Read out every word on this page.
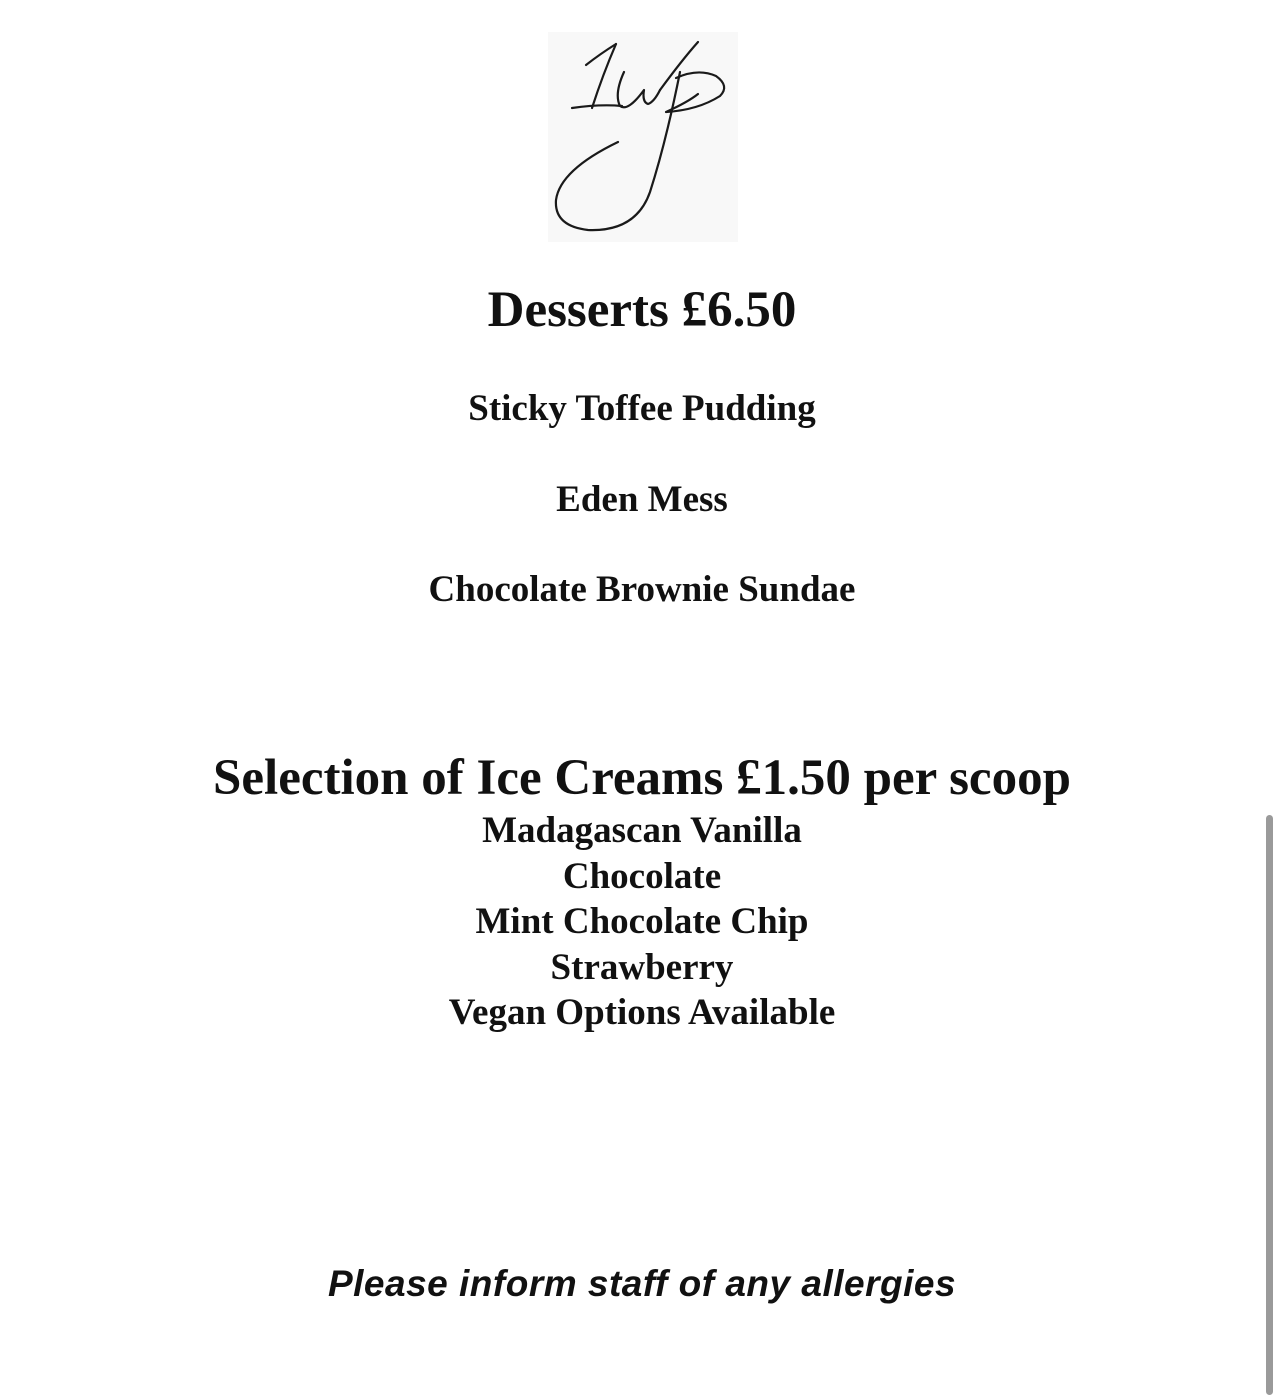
Desserts £6.50
Sticky Toffee Pudding
Eden Mess
Chocolate Brownie Sundae
Selection of Ice Creams £1.50 per scoop
Madagascan Vanilla
Chocolate
Mint Chocolate Chip
Strawberry
Vegan Options Available
Please inform staff of any allergies
